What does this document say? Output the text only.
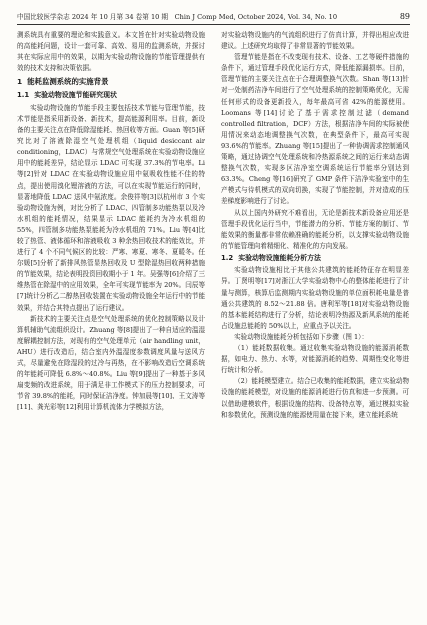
中国比较医学杂志 2024 年 10 月第 34 卷第 10 期　Chin J Comp Med, October 2024, Vol. 34, No. 10	89

测系统具有重要的理论和实践意义。本文旨在针对实验动物设施的高能耗问题，设计一套可靠、高效、易用的监测系统，并探讨其在实际应用中的效果，以期为实验动物设施的节能管理提供有效的技术支持和决策依据。

1 能耗监测系统的实施背景
1.1 实验动物设施节能研究现状

实验动物设施的节能手段主要包括技术节能与管理节能，技术节能是指采用新设备、新技术，提高能源利用率。目前，新设备的主要关注点在降低除湿能耗、热回收等方面。Guan 等[5]研究比对了溶液除湿空气处理机组（liquid desiccant air conditioning，LDAC）与常规空气处理系统在实验动物设施应用中的能耗差异，结论显示 LDAC 可实现 37.3%的节电率。Li 等[2]针对 LDAC 在实验动物设施应用中氨吸收性能不佳的特点，提出使用溴化锂溶液的方法，可以在实现节能运行的同时，显著地降低 LDAC 送风中氨浓度。余俊祥等[3]以杭州市 3 个实验动物设施为例，对比分析了 LDAC、四管制多功能热泵以及冷水机组的能耗情况，结果显示 LDAC 能耗约为冷水机组的 55%，四管制多功能热泵能耗为冷水机组的 71%。Liu 等[4]比较了热管、液体循环和溶液吸收 3 种余热回收技术的能效比，并进行了 4 个不同气候区的比较：严寒、寒夏、寒冬、夏暖冬。任尔媛[5]分析了新排风热管显热回收及 U 型除湿热回收两种措施的节能效果，结论表明投资回收期小于 1 年。吴强等[6]介绍了三维热管在除湿中的应用效果，全年可实现节能率为 20%。闫辰等[7]统计分析乙二醇热回收装置在实验动物设施全年运行中的节能效果，并结合其特点提出了运行建议。

新技术的主要关注点是空气处理系统的优化控制策略以及计算机辅助气流组织设计。Zhuang 等[8]提出了一种自适应的温湿度解耦控制方法，对现有的空气处理单元（air handling unit，AHU）进行改造后，结合室内外温湿度参数调度风量与送风方式，尽量避免在除湿段的过冷与再热，在不影响改造后空调系统的年能耗可降低 6.8%～40.8%。Liu 等[9]提出了一种基于多风扇变频的改进系统，用于满足非工作模式下的压力控制要求，可节省 39.8%的能耗，同时保证洁净度。钟加晨等[10]、王文涛等[11]、龚光彩等[12]利用计算机流体力学模拟方法，

对实验动物设施内的气流组织进行了仿真计算，并得出相应改进建议。上述研究均取得了非常显著的节能效果。

管理节能是指在不改变现有技术、设备、工艺等硬件措施的条件下，通过管理手段优化运行方式，降低能源漏损率。目前，管理节能的主要关注点在于合理调整换气次数。Shan 等[13]针对一处制药洁净车间进行了空气处理系统的控制策略优化，无需任何形式的设备更新投入，每年最高可省 42%的能源使用。Loomans 等[14]讨论了基于需求控制过滤（demand controlled filtration，DCF）方法，根据洁净车间的实际被使用情况来动态地调整换气次数，在典型条件下，最高可实现 93.6%的节能率。Zhuang 等[15]提出了一种协调需求控制通风策略，通过协调空气处理系统和冷热源系统之间的运行来动态调整换气次数，实现多区洁净室空调系统运行节能率分别达到 63.3%。Cheng 等[16]研究了 GMP 条件下洁净实验室中的生产模式与待机模式的双向切换，实现了节能控制，并对造成的压差梯度影响进行了讨论。

从以上国内外研究不难看出，无论是新技术新设备应用还是管理手段优化运行当中，节能潜力的分析、节能方案的制订、节能效果的衡量都非常依赖准确的能耗分析，以支撑实验动物设施的节能管理向着精细化、精准化的方向发展。

1.2 实验动物设施能耗分析方法

实验动物设施相比于其他公共建筑的能耗特征存在明显差异。丁贤明等[17]对浙江大学实验动物中心的整体能耗进行了计量与测算，核算后监测期内实验动物设施的单位面积耗电量是普通公共建筑的 8.52～21.88 倍。唐利军等[18]对实验动物设施的基本能耗结构进行了分析，结论表明冷热源及新风系统的能耗占设施总能耗的 50%以上，应重点予以关注。

实验动物设施能耗分析包括如下步骤（图 1）：

（1）能耗数据收集。通过收集实验动物设施的能源消耗数据，如电力、热力、水等，对能源消耗的趋势、周期性变化等进行统计和分析。

（2）能耗模型建立。结合已收集的能耗数据，建立实验动物设施的能耗模型，对设施的能源消耗进行仿真和进一步预测。可以借助建模软件，根据设施的结构、设备特点等，通过模拟实验和参数优化，预测设施的能源使用量在接下来，建立能耗系统
